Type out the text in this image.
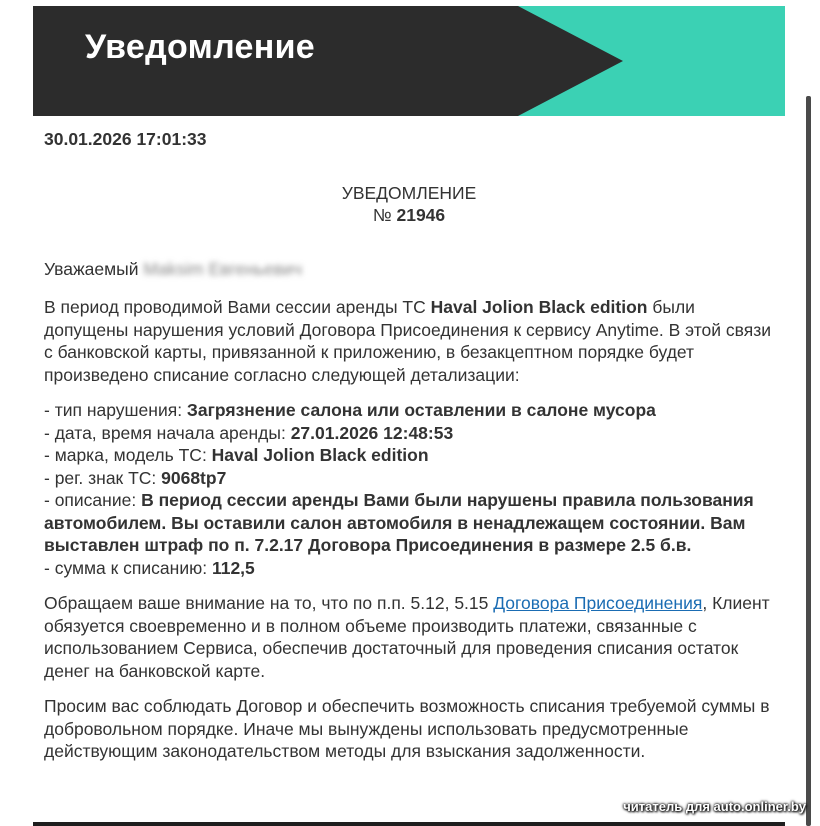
Уведомление
30.01.2026 17:01:33
УВЕДОМЛЕНИЕ
№ 21946
Уважаемый Maksim Евгеньевич

В период проводимой Вами сессии аренды ТС Haval Jolion Black edition были допущены нарушения условий Договора Присоединения к сервису Anytime. В этой связи с банковской карты, привязанной к приложению, в безакцептном порядке будет произведено списание согласно следующей детализации:

- тип нарушения: Загрязнение салона или оставлении в салоне мусора
- дата, время начала аренды: 27.01.2026 12:48:53
- марка, модель ТС: Haval Jolion Black edition
- рег. знак ТС: 9068tp7
- описание: В период сессии аренды Вами были нарушены правила пользования автомобилем. Вы оставили салон автомобиля в ненадлежащем состоянии. Вам выставлен штраф по п. 7.2.17 Договора Присоединения в размере 2.5 б.в.
- сумма к списанию: 112,5

Обращаем ваше внимание на то, что по п.п. 5.12, 5.15 Договора Присоединения, Клиент обязуется своевременно и в полном объеме производить платежи, связанные с использованием Сервиса, обеспечив достаточный для проведения списания остаток денег на банковской карте.

Просим вас соблюдать Договор и обеспечить возможность списания требуемой суммы в добровольном порядке. Иначе мы вынуждены использовать предусмотренные действующим законодательством методы для взыскания задолженности.

читатель для auto.onliner.by
